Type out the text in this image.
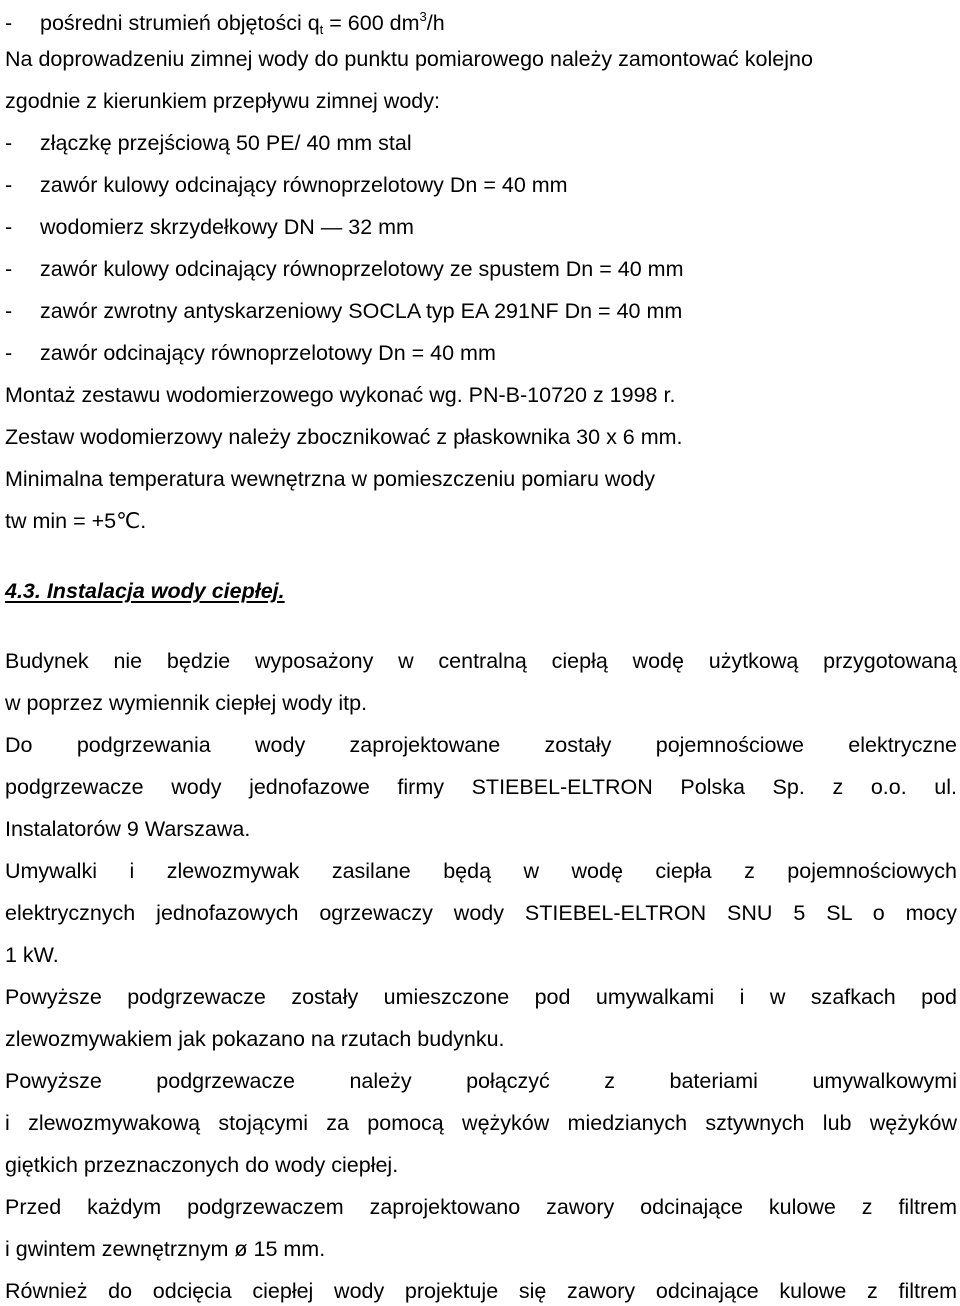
- pośredni strumień objętości $q_t = 600$ $dm^3/h$
Na doprowadzeniu zimnej wody do punktu pomiarowego należy zamontować kolejno
zgodnie z kierunkiem przepływu zimnej wody:
- złączkę przejściową 50 PE/ 40 mm stal
- zawór kulowy odcinający równoprzelotowy Dn = 40 mm
- wodomierz skrzydełkowy DN — 32 mm
- zawór kulowy odcinający równoprzelotowy ze spustem Dn = 40 mm
- zawór zwrotny antyskarzeniowy SOCLA typ EA 291NF Dn = 40 mm
- zawór odcinający równoprzelotowy Dn = 40 mm
Montaż zestawu wodomierzowego wykonać wg. PN-B-10720 z 1998 r.
Zestaw wodomierzowy należy zbocznikować z płaskownika 30 x 6 mm.
Minimalna temperatura wewnętrzna w pomieszczeniu pomiaru wody
tw min = +5℃.
4.3. Instalacja wody ciepłej.
Budynek nie będzie wyposażony w centralną ciepłą wodę użytkową przygotowaną
w poprzez wymiennik ciepłej wody itp.
Do podgrzewania wody zaprojektowane zostały pojemnościowe elektryczne
podgrzewacze wody jednofazowe firmy STIEBEL-ELTRON Polska Sp. z o.o. ul.
Instalatorów 9 Warszawa.
Umywalki i zlewozmywak zasilane będą w wodę ciepła z pojemnościowych
elektrycznych jednofazowych ogrzewaczy wody STIEBEL-ELTRON SNU 5 SL o mocy
1 kW.
Powyższe podgrzewacze zostały umieszczone pod umywalkami i w szafkach pod
zlewozmywakiem jak pokazano na rzutach budynku.
Powyższe podgrzewacze należy połączyć z bateriami umywalkowymi
i zlewozmywakową stojącymi za pomocą wężyków miedzianych sztywnych lub wężyków
giętkich przeznaczonych do wody ciepłej.
Przed każdym podgrzewaczem zaprojektowano zawory odcinające kulowe z filtrem
i gwintem zewnętrznym ø 15 mm.
Również do odcięcia ciepłej wody projektuje się zawory odcinające kulowe z filtrem
